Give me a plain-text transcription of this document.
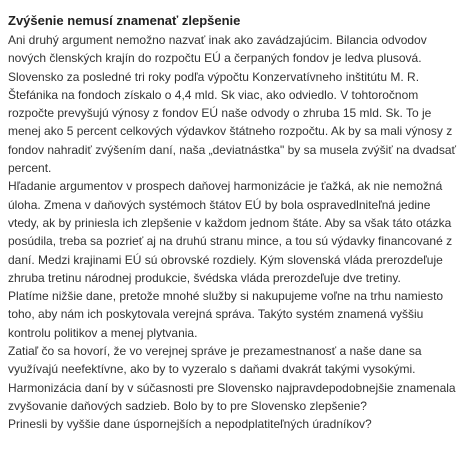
Zvýšenie nemusí znamenať zlepšenie

Ani druhý argument nemožno nazvať inak ako zavádzajúcim. Bilancia odvodov
nových členských krajín do rozpočtu EÚ a čerpaných fondov je ledva plusová.
Slovensko za posledné tri roky podľa výpočtu Konzervatívneho inštitútu M. R.
Štefánika na fondoch získalo o 4,4 mld. Sk viac, ako odviedlo. V tohtoročnom
rozpočte prevyšujú výnosy z fondov EÚ naše odvody o zhruba 15 mld. Sk. To je
menej ako 5 percent celkových výdavkov štátneho rozpočtu. Ak by sa mali výnosy z
fondov nahradiť zvýšením daní, naša „deviatnástka" by sa musela zvýšiť na dvadsať
percent.

Hľadanie argumentov v prospech daňovej harmonizácie je ťažká, ak nie nemožná
úloha. Zmena v daňových systémoch štátov EÚ by bola ospravedlniteľná jedine
vtedy, ak by priniesla ich zlepšenie v každom jednom štáte. Aby sa však táto otázka
posúdila, treba sa pozrieť aj na druhú stranu mince, a tou sú výdavky financované z
daní. Medzi krajinami EÚ sú obrovské rozdiely. Kým slovenská vláda prerozdeľuje
zhruba tretinu národnej produkcie, švédska vláda prerozdeľuje dve tretiny.

Platíme nižšie dane, pretože mnohé služby si nakupujeme voľne na trhu namiesto
toho, aby nám ich poskytovala verejná správa. Takýto systém znamená vyššiu
kontrolu politikov a menej plytvania.

Zatiaľ čo sa hovorí, že vo verejnej správe je prezamestnanosť a naše dane sa
využívajú neefektívne, ako by to vyzeralo s daňami dvakrát takými vysokými.

Harmonizácia daní by v súčasnosti pre Slovensko najpravdepodobnejšie znamenala
zvyšovanie daňových sadzieb. Bolo by to pre Slovensko zlepšenie?

Prinesli by vyššie dane úspornejších a nepodplatiteľných úradníkov?
